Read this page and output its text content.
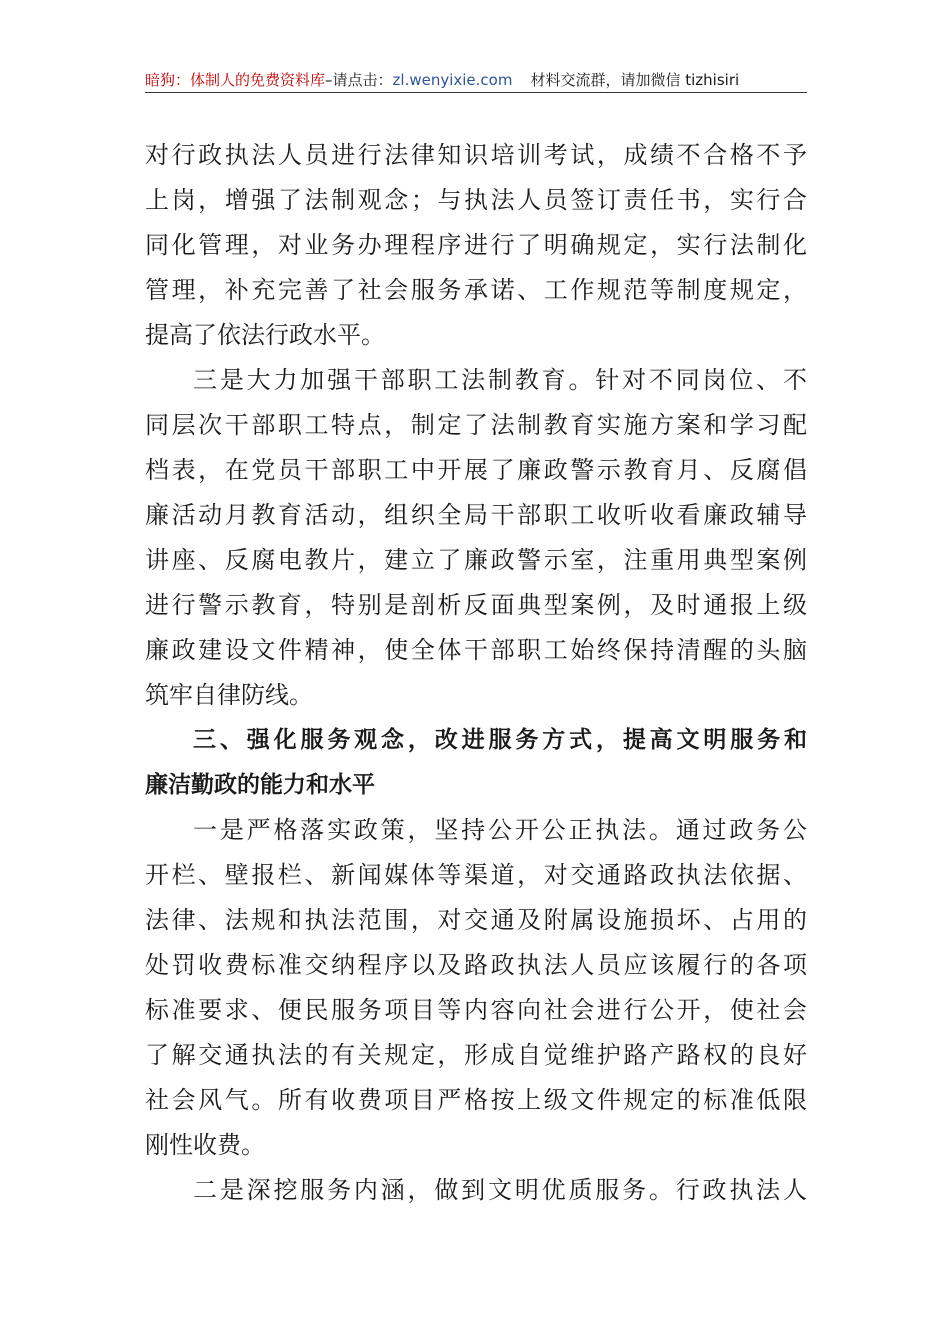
暗狗：体制人的免费资料库–请点击：zl.wenyixie.com 材料交流群，请加微信 tizhisiri
对行政执法人员进行法律知识培训考试，成绩不合格不予
上岗，增强了法制观念；与执法人员签订责任书，实行合
同化管理，对业务办理程序进行了明确规定，实行法制化
管理，补充完善了社会服务承诺、工作规范等制度规定，
提高了依法行政水平。
三是大力加强干部职工法制教育。针对不同岗位、不
同层次干部职工特点，制定了法制教育实施方案和学习配
档表，在党员干部职工中开展了廉政警示教育月、反腐倡
廉活动月教育活动，组织全局干部职工收听收看廉政辅导
讲座、反腐电教片，建立了廉政警示室，注重用典型案例
进行警示教育，特别是剖析反面典型案例，及时通报上级
廉政建设文件精神，使全体干部职工始终保持清醒的头脑
筑牢自律防线。
三、强化服务观念，改进服务方式，提高文明服务和
廉洁勤政的能力和水平
一是严格落实政策，坚持公开公正执法。通过政务公
开栏、壁报栏、新闻媒体等渠道，对交通路政执法依据、
法律、法规和执法范围，对交通及附属设施损坏、占用的
处罚收费标准交纳程序以及路政执法人员应该履行的各项
标准要求、便民服务项目等内容向社会进行公开，使社会
了解交通执法的有关规定，形成自觉维护路产路权的良好
社会风气。所有收费项目严格按上级文件规定的标准低限
刚性收费。
二是深挖服务内涵，做到文明优质服务。行政执法人
